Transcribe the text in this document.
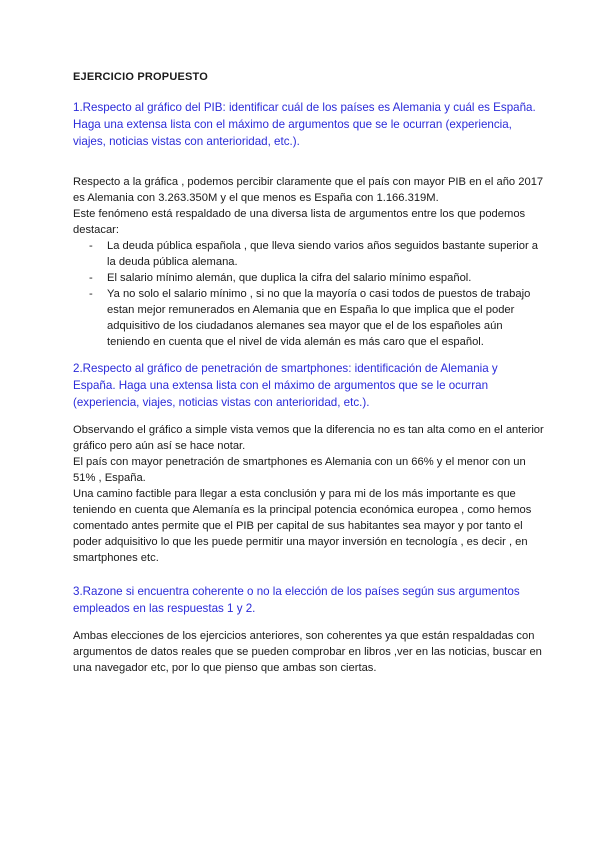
EJERCICIO PROPUESTO
1.Respecto al gráfico del PIB: identificar cuál de los países es Alemania y cuál es España. Haga una extensa lista con el máximo de argumentos que se le ocurran (experiencia, viajes, noticias vistas con anterioridad, etc.).
Respecto a la gráfica , podemos percibir claramente que el país con mayor PIB en el año 2017 es Alemania con 3.263.350M y el que menos es España con 1.166.319M.
Este fenómeno está respaldado de una diversa lista de argumentos entre los que podemos destacar:
- La deuda pública española , que lleva siendo varios años seguidos bastante superior a la deuda pública alemana.
- El salario mínimo alemán, que duplica la cifra del salario mínimo español.
- Ya no solo el salario mínimo , si no que la mayoría o casi todos de puestos de trabajo estan mejor remunerados en Alemania que en España lo que implica que el poder adquisitivo de los ciudadanos alemanes sea mayor que el de los españoles aún teniendo en cuenta que el nivel de vida alemán es más caro que el español.
2.Respecto al gráfico de penetración de smartphones: identificación de Alemania y España. Haga una extensa lista con el máximo de argumentos que se le ocurran (experiencia, viajes, noticias vistas con anterioridad, etc.).
Observando el gráfico a simple vista vemos que la diferencia no es tan alta como en el anterior gráfico pero aún así se hace notar.
El país con mayor penetración de smartphones es Alemania con un 66% y el menor con un 51% , España.
Una camino factible para llegar a esta conclusión y para mi de los más importante es que teniendo en cuenta que Alemanía es la principal potencia económica europea , como hemos comentado antes permite que el PIB per capital de sus habitantes sea mayor y por tanto el poder adquisitivo lo que les puede permitir una mayor inversión en tecnología , es decir , en smartphones etc.
3.Razone si encuentra coherente o no la elección de los países según sus argumentos empleados en las respuestas 1 y 2.
Ambas elecciones de los ejercicios anteriores, son coherentes ya que están respaldadas con argumentos de datos reales que se pueden comprobar en libros ,ver en las noticias, buscar en una navegador etc, por lo que pienso que ambas son ciertas.
